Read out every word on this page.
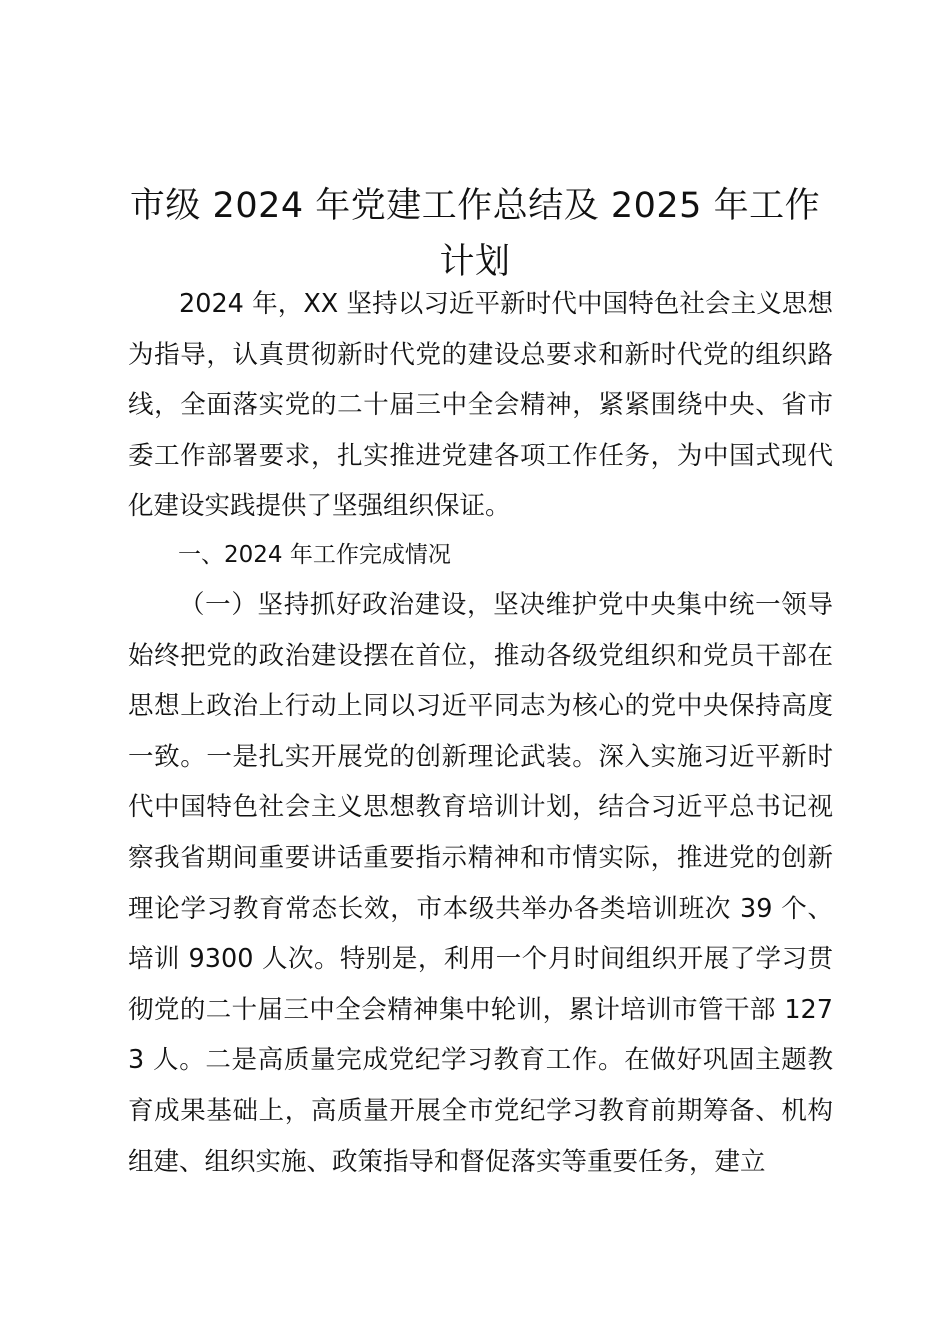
市级 2024 年党建工作总结及 2025 年工作计划

2024 年，XX 坚持以习近平新时代中国特色社会主义思想为指导，认真贯彻新时代党的建设总要求和新时代党的组织路线，全面落实党的二十届三中全会精神，紧紧围绕中央、省市委工作部署要求，扎实推进党建各项工作任务，为中国式现代化建设实践提供了坚强组织保证。

一、2024 年工作完成情况

（一）坚持抓好政治建设，坚决维护党中央集中统一领导始终把党的政治建设摆在首位，推动各级党组织和党员干部在思想上政治上行动上同以习近平同志为核心的党中央保持高度一致。一是扎实开展党的创新理论武装。深入实施习近平新时代中国特色社会主义思想教育培训计划，结合习近平总书记视察我省期间重要讲话重要指示精神和市情实际，推进党的创新理论学习教育常态长效，市本级共举办各类培训班次 39 个、培训 9300 人次。特别是，利用一个月时间组织开展了学习贯彻党的二十届三中全会精神集中轮训，累计培训市管干部 1273 人。二是高质量完成党纪学习教育工作。在做好巩固主题教育成果基础上，高质量开展全市党纪学习教育前期筹备、机构组建、组织实施、政策指导和督促落实等重要任务，建立
